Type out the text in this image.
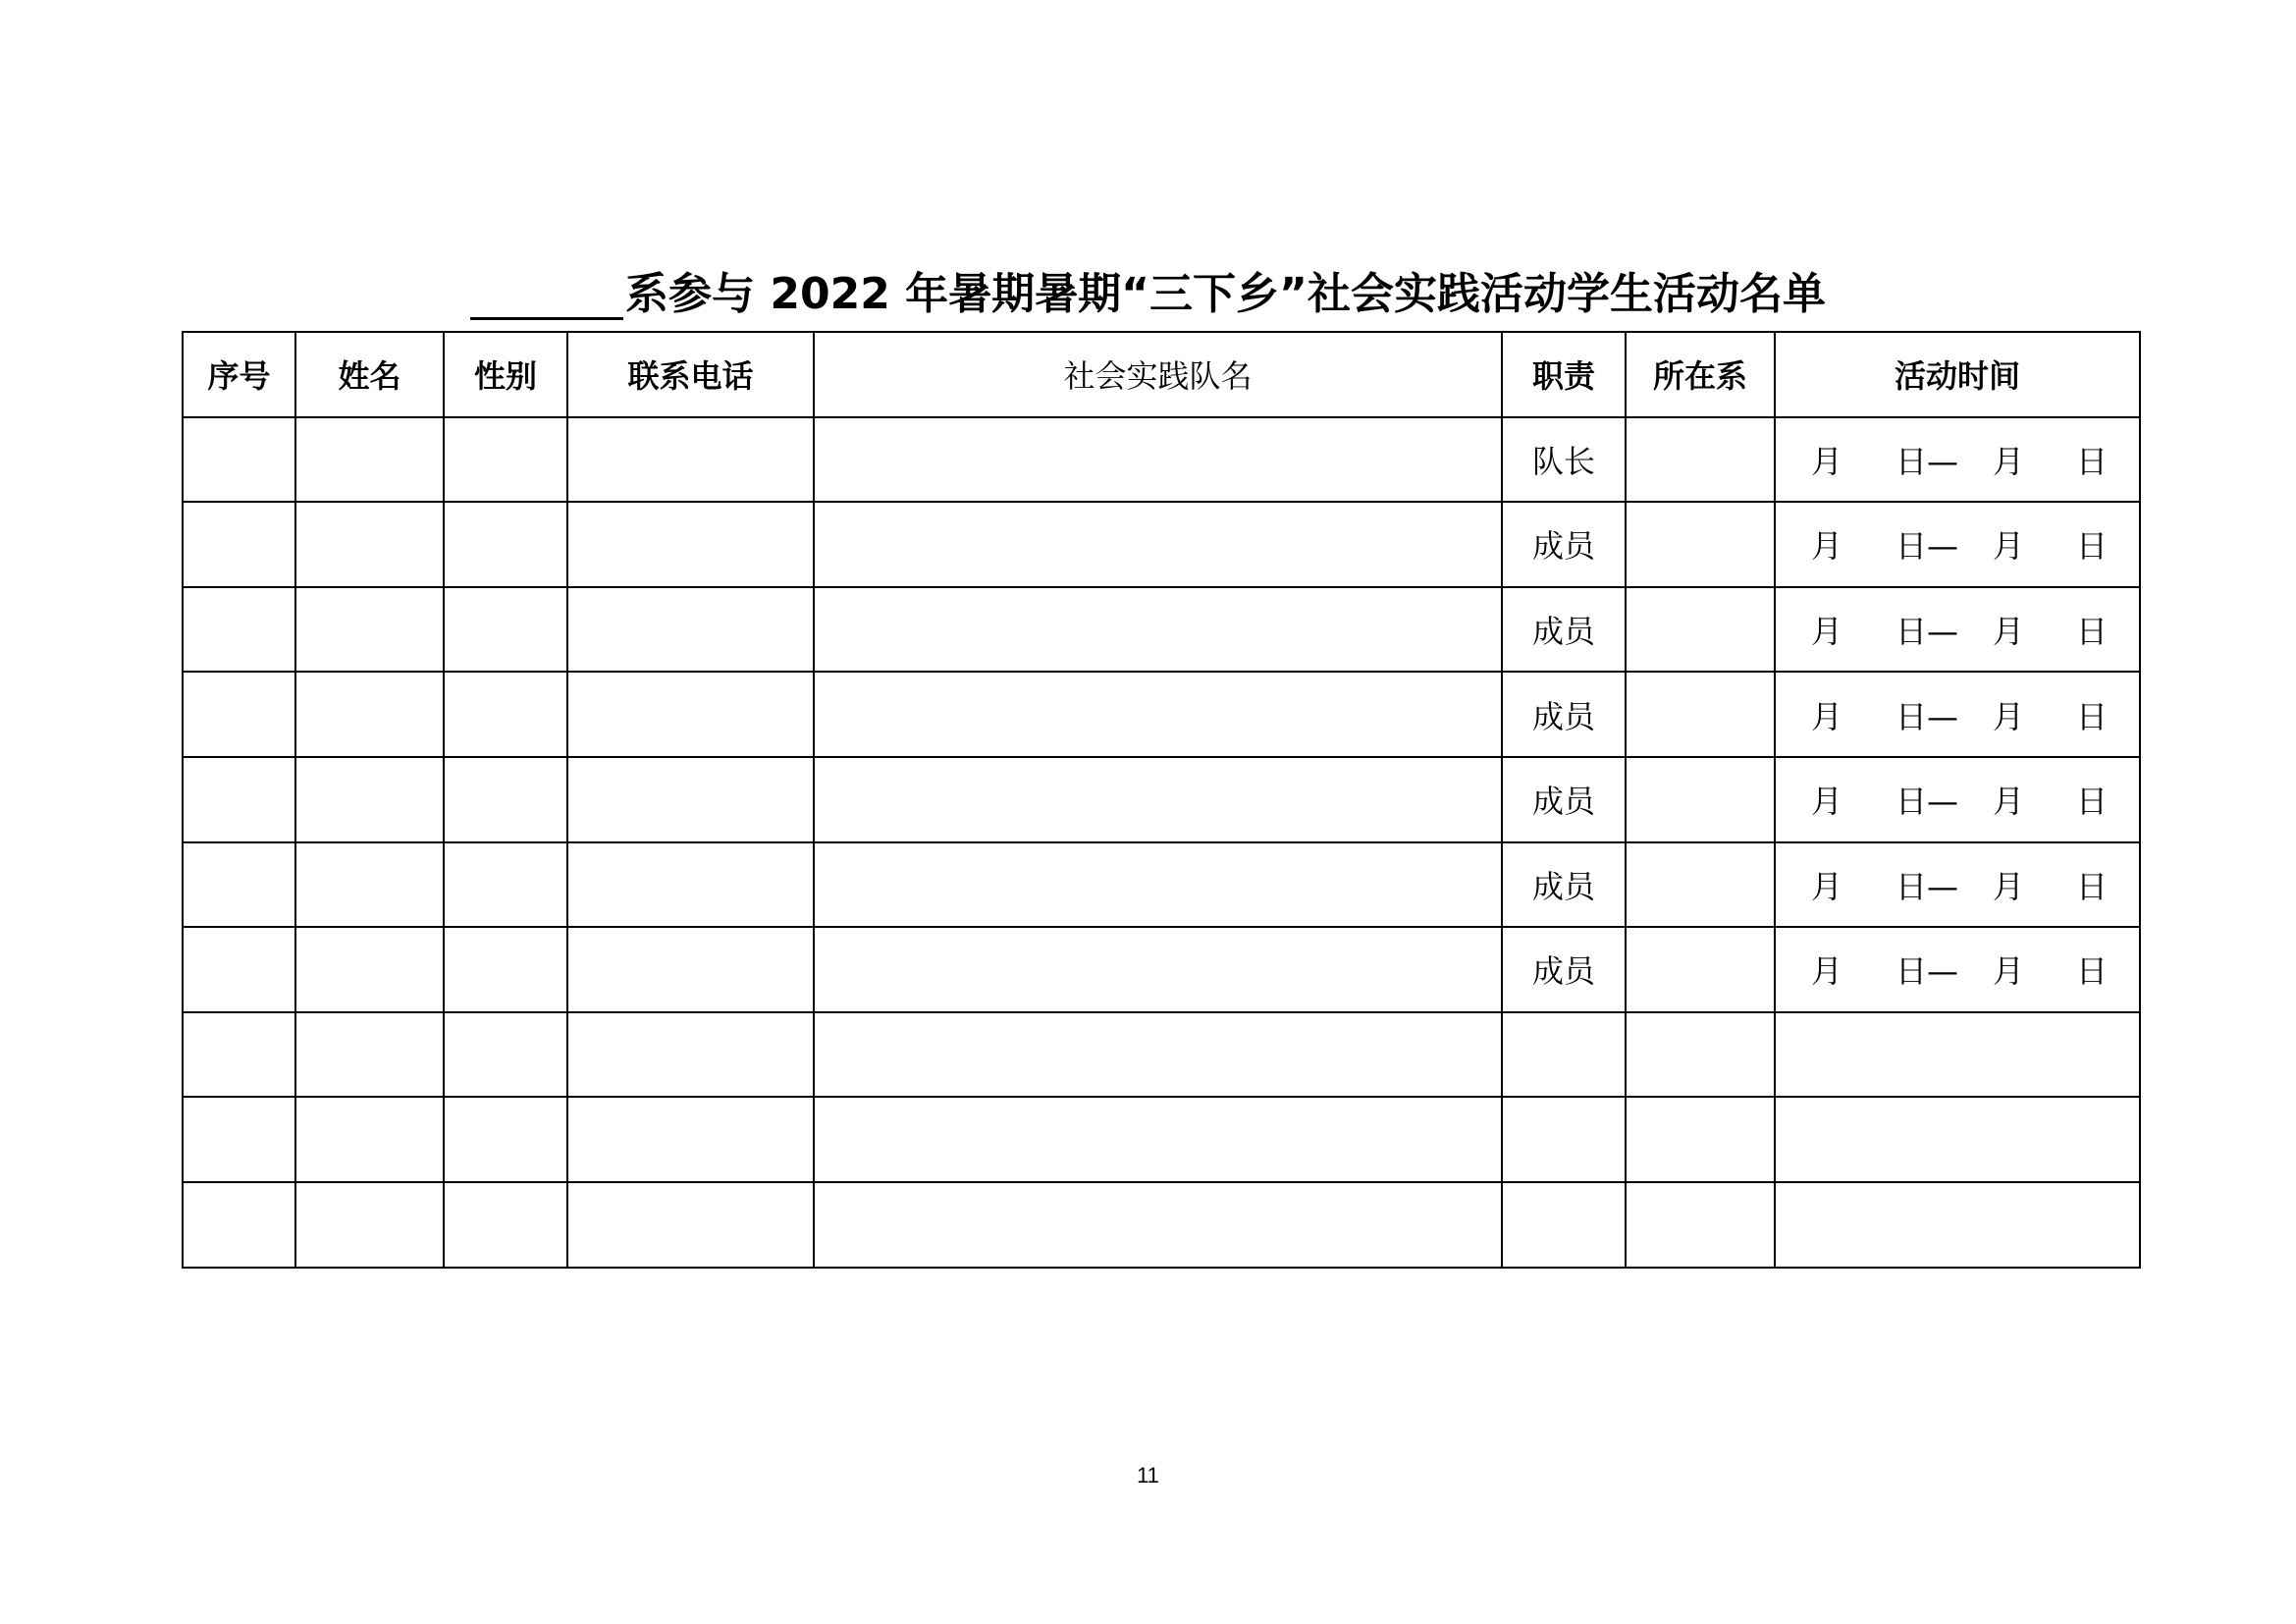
系参与 2022 年暑期暑期“三下乡”社会实践活动学生活动名单
序号	姓名	性别	联系电话	社会实践队名	职责	所在系	活动时间
					队长		月 日— 月 日

					成员		月 日— 月 日

					成员		月 日— 月 日

					成员		月 日— 月 日

					成员		月 日— 月 日

					成员		月 日— 月 日

					成员		月 日— 月 日

11
